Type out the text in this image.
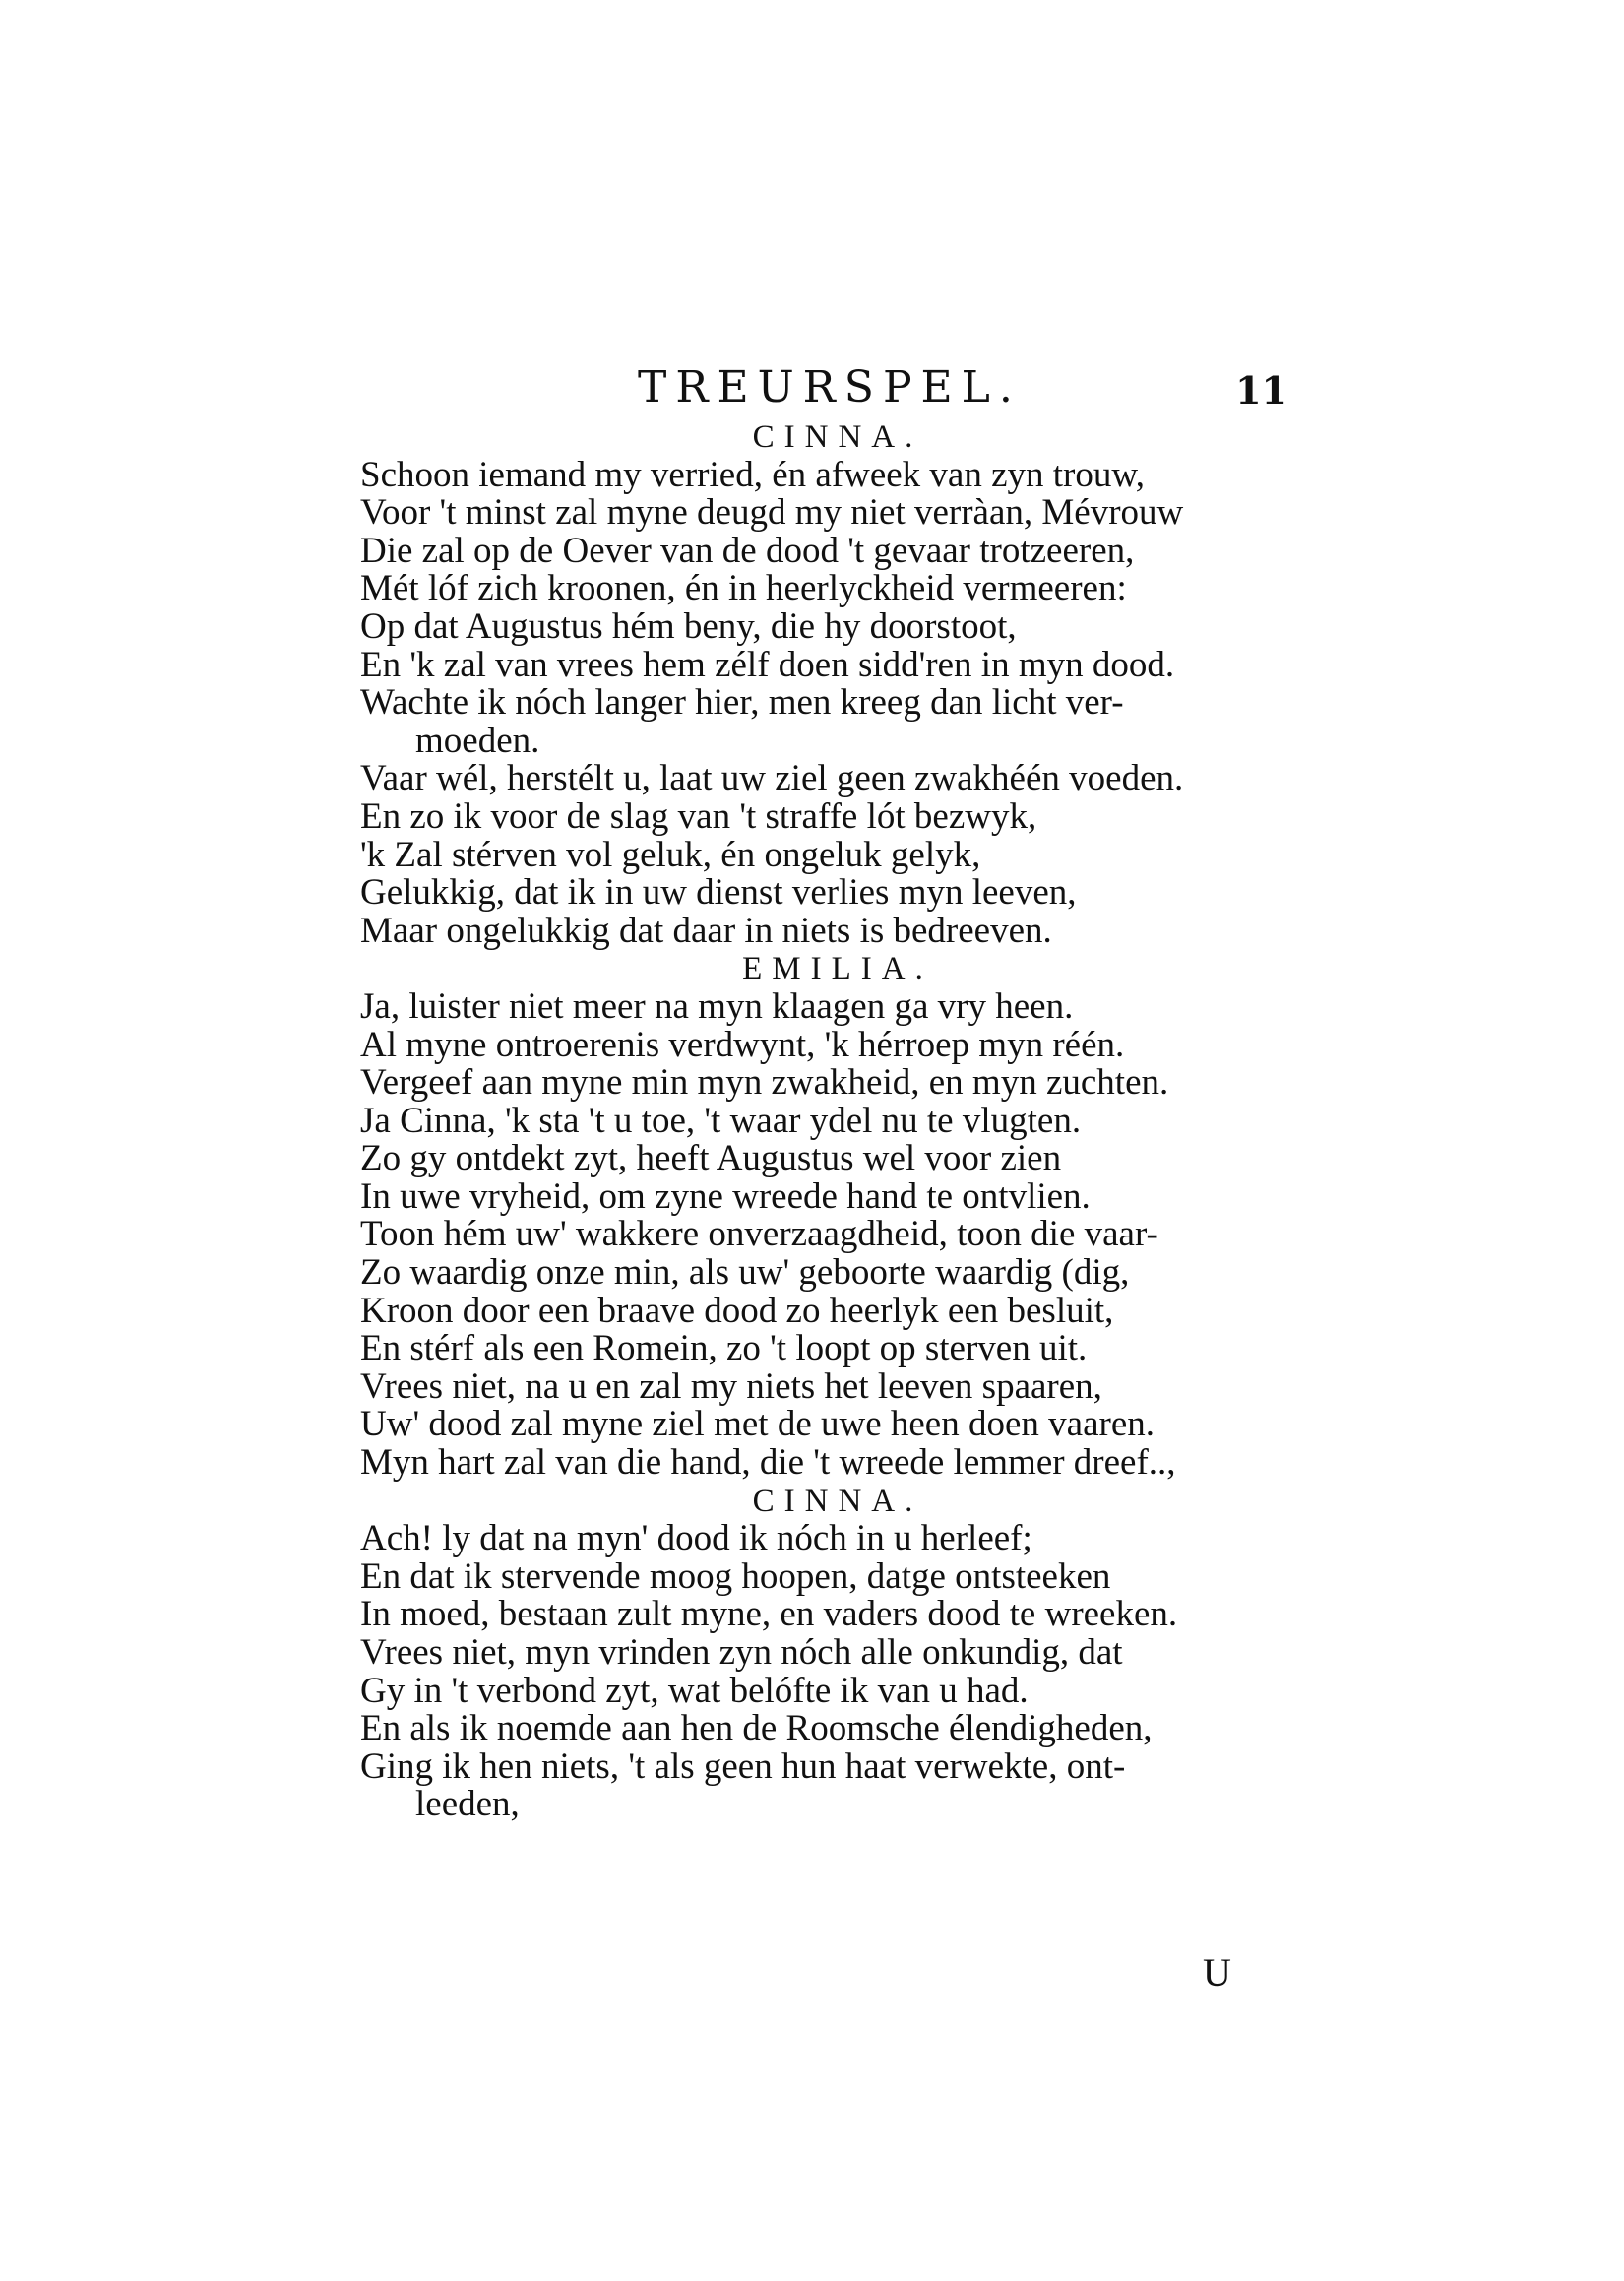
TREURSPEL.	11
CINNA.
Schoon iemand my verried, én afweek van zyn trouw,
Voor 't minst zal myne deugd my niet verràan, Mévrouw
Die zal op de Oever van de dood 't gevaar trotzeeren,
Mét lóf zich kroonen, én in heerlyckheid vermeeren:
Op dat Augustus hém beny, die hy doorstoot,
En 'k zal van vrees hem zélf doen sidd'ren in myn dood.
Wachte ik nóch langer hier, men kreeg dan licht ver-
moeden.
Vaar wél, herstélt u, laat uw ziel geen zwakhéén voeden.
En zo ik voor de slag van 't straffe lót bezwyk,
'k Zal stérven vol geluk, én ongeluk gelyk,
Gelukkig, dat ik in uw dienst verlies myn leeven,
Maar ongelukkig dat daar in niets is bedreeven.
EMILIA.
Ja, luister niet meer na myn klaagen ga vry heen.
Al myne ontroerenis verdwynt, 'k hérroep myn réén.
Vergeef aan myne min myn zwakheid, en myn zuchten.
Ja Cinna, 'k sta 't u toe, 't waar ydel nu te vlugten.
Zo gy ontdekt zyt, heeft Augustus wel voor zien
In uwe vryheid, om zyne wreede hand te ontvlien.
Toon hém uw' wakkere onverzaagdheid, toon die vaar-
Zo waardig onze min, als uw' geboorte waardig (dig,
Kroon door een braave dood zo heerlyk een besluit,
En stérf als een Romein, zo 't loopt op sterven uit.
Vrees niet, na u en zal my niets het leeven spaaren,
Uw' dood zal myne ziel met de uwe heen doen vaaren.
Myn hart zal van die hand, die 't wreede lemmer dreef..,
CINNA.
Ach! ly dat na myn' dood ik nóch in u herleef;
En dat ik stervende moog hoopen, datge ontsteeken
In moed, bestaan zult myne, en vaders dood te wreeken.
Vrees niet, myn vrinden zyn nóch alle onkundig, dat
Gy in 't verbond zyt, wat belófte ik van u had.
En als ik noemde aan hen de Roomsche élendigheden,
Ging ik hen niets, 't als geen hun haat verwekte, ont-
leeden,
U
